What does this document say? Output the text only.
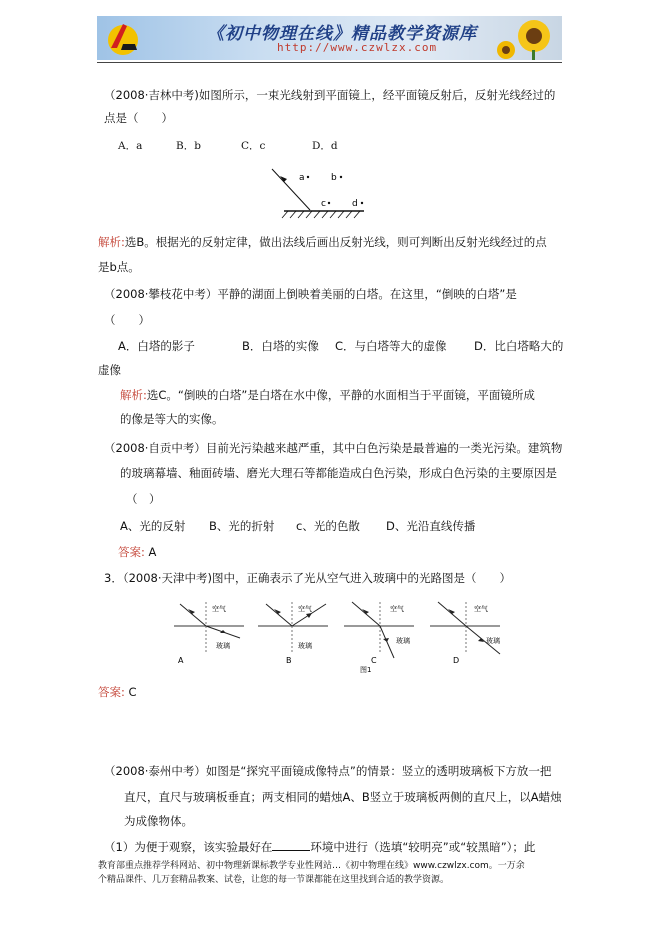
《初中物理在线》精品教学资源库
http://www.czwlzx.com
（2008·吉林中考)如图所示，一束光线射到平面镜上，经平面镜反射后，反射光线经过的
点是（　　）
A．a	B．b	C．c	D．d
a	b
c	d
解析:选B。根据光的反射定律，做出法线后画出反射光线，则可判断出反射光线经过的点
是b点。
（2008·攀枝花中考）平静的湖面上倒映着美丽的白塔。在这里，“倒映的白塔”是
（　　）
A．白塔的影子	B．白塔的实像 C．与白塔等大的虚像 D．比白塔略大的
虚像
解析:选C。“倒映的白塔”是白塔在水中像，平静的水面相当于平面镜，平面镜所成
的像是等大的实像。
（2008·自贡中考）目前光污染越来越严重，其中白色污染是最普遍的一类光污染。建筑物
的玻璃幕墙、釉面砖墙、磨光大理石等都能造成白色污染，形成白色污染的主要原因是
（　）
A、光的反射 B、光的折射 c、光的色散 D、光沿直线传播
答案: A
3．（2008·天津中考)图中，正确表示了光从空气进入玻璃中的光路图是（　　）
空气
玻璃
A
空气
玻璃
B
空气
玻璃
C
空气
玻璃
D
图1
答案: C
（2008·泰州中考）如图是“探究平面镜成像特点”的情景：竖立的透明玻璃板下方放一把
直尺，直尺与玻璃板垂直；两支相同的蜡烛A、B竖立于玻璃板两侧的直尺上，以A蜡烛
为成像物体。
（1）为便于观察，该实验最好在	环境中进行（选填“较明亮”或“较黑暗”）；此
教育部重点推荐学科网站、初中物理新课标教学专业性网站…《初中物理在线》www.czwlzx.com。一万余
个精品课件、几万套精品教案、试卷，让您的每一节课都能在这里找到合适的教学资源。
